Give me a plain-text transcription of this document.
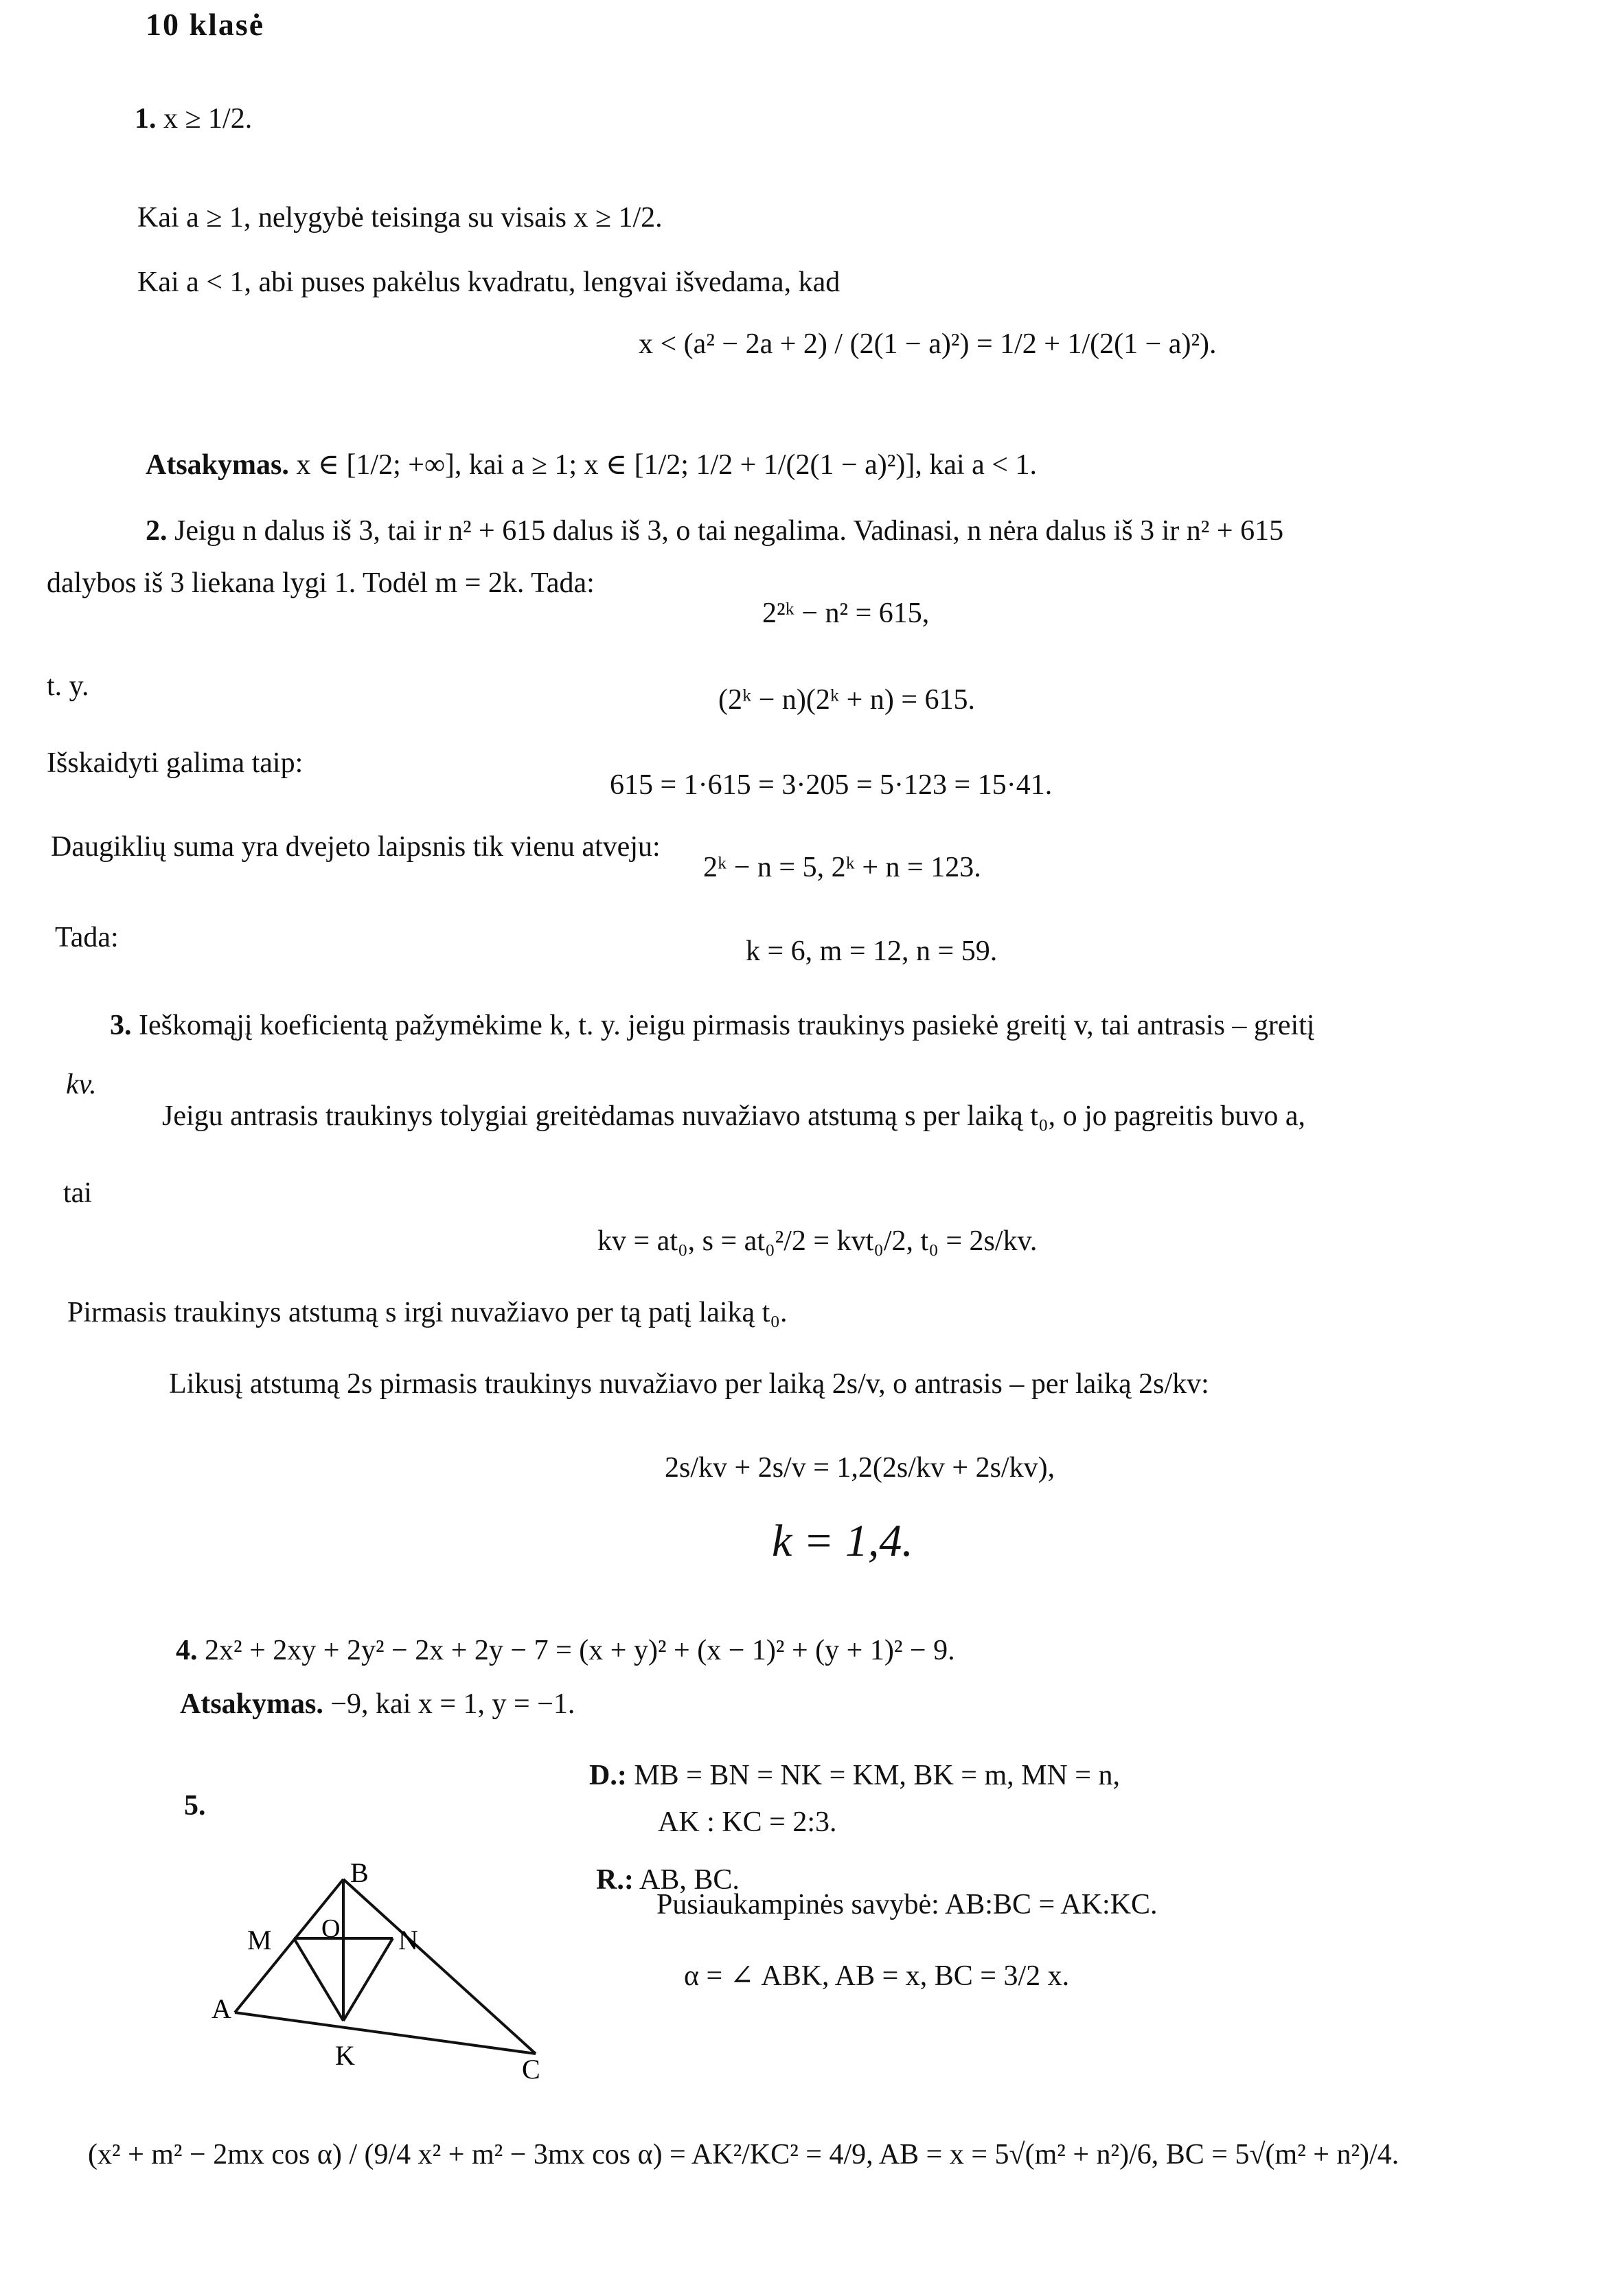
10 klasė
1. x ≥ 1/2.
Kai a ≥ 1, nelygybė teisinga su visais x ≥ 1/2.
Kai a < 1, abi puses pakėlus kvadratu, lengvai išvedama, kad
x < (a² − 2a + 2) / (2(1 − a)²) = 1/2 + 1/(2(1 − a)²).
Atsakymas. x ∈ [1/2; +∞], kai a ≥ 1; x ∈ [1/2; 1/2 + 1/(2(1 − a)²)], kai a < 1.
2. Jeigu n dalus iš 3, tai ir n² + 615 dalus iš 3, o tai negalima. Vadinasi, n nėra dalus iš 3 ir n² + 615
dalybos iš 3 liekana lygi 1. Todėl m = 2k. Tada:
2²ᵏ − n² = 615,
t. y.	(2ᵏ − n)(2ᵏ + n) = 615.
Išskaidyti galima taip:
615 = 1·615 = 3·205 = 5·123 = 15·41.
Daugiklių suma yra dvejeto laipsnis tik vienu atveju:
2ᵏ − n = 5, 2ᵏ + n = 123.
Tada:	k = 6, m = 12, n = 59.
3. Ieškomąjį koeficientą pažymėkime k, t. y. jeigu pirmasis traukinys pasiekė greitį v, tai antrasis – greitį
kv.
Jeigu antrasis traukinys tolygiai greitėdamas nuvažiavo atstumą s per laiką t₀, o jo pagreitis buvo a,
tai
kv = at₀, s = at₀²/2 = kvt₀/2, t₀ = 2s/kv.
Pirmasis traukinys atstumą s irgi nuvažiavo per tą patį laiką t₀.
Likusį atstumą 2s pirmasis traukinys nuvažiavo per laiką 2s/v, o antrasis – per laiką 2s/kv:
2s/kv + 2s/v = 1,2(2s/kv + 2s/kv),
k = 1,4.
4. 2x² + 2xy + 2y² − 2x + 2y − 7 = (x + y)² + (x − 1)² + (y + 1)² − 9.
Atsakymas. −9, kai x = 1, y = −1.
5.
D.: MB = BN = NK = KM, BK = m, MN = n,
AK : KC = 2:3.
R.: AB, BC.
Pusiaukampinės savybė: AB:BC = AK:KC.
α = ∠ ABK, AB = x, BC = 3/2 x.
B
M	N
O
A
K	C
(x² + m² − 2mx cos α) / (9/4 x² + m² − 3mx cos α) = AK²/KC² = 4/9, AB = x = 5√(m² + n²)/6, BC = 5√(m² + n²)/4.
